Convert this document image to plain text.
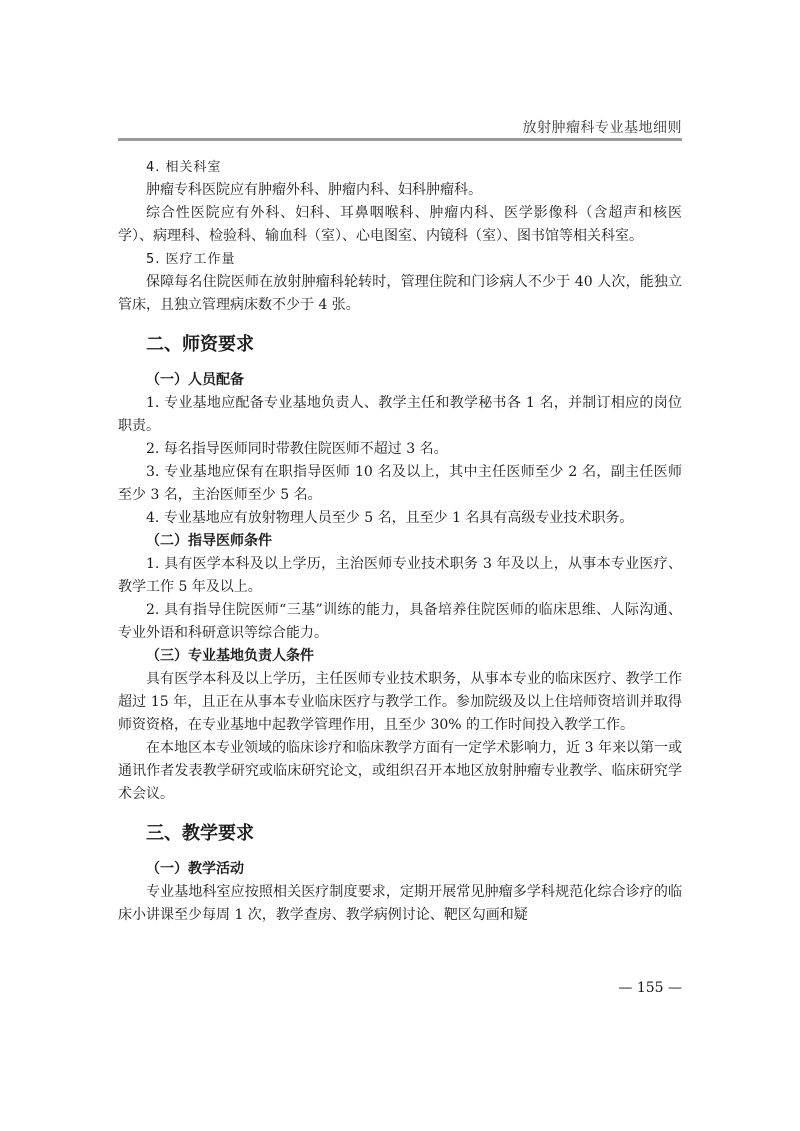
放射肿瘤科专业基地细则
4. 相关科室

肿瘤专科医院应有肿瘤外科、肿瘤内科、妇科肿瘤科。

综合性医院应有外科、妇科、耳鼻咽喉科、肿瘤内科、医学影像科（含超声和核医学）、病理科、检验科、输血科（室）、心电图室、内镜科（室）、图书馆等相关科室。

5. 医疗工作量

保障每名住院医师在放射肿瘤科轮转时，管理住院和门诊病人不少于 40 人次，能独立管床，且独立管理病床数不少于 4 张。

二、师资要求
（一）人员配备

1. 专业基地应配备专业基地负责人、教学主任和教学秘书各 1 名，并制订相应的岗位职责。

2. 每名指导医师同时带教住院医师不超过 3 名。

3. 专业基地应保有在职指导医师 10 名及以上，其中主任医师至少 2 名，副主任医师至少 3 名，主治医师至少 5 名。

4. 专业基地应有放射物理人员至少 5 名，且至少 1 名具有高级专业技术职务。

（二）指导医师条件

1. 具有医学本科及以上学历，主治医师专业技术职务 3 年及以上，从事本专业医疗、教学工作 5 年及以上。

2. 具有指导住院医师“三基”训练的能力，具备培养住院医师的临床思维、人际沟通、专业外语和科研意识等综合能力。

（三）专业基地负责人条件

具有医学本科及以上学历，主任医师专业技术职务，从事本专业的临床医疗、教学工作超过 15 年，且正在从事本专业临床医疗与教学工作。参加院级及以上住培师资培训并取得师资资格，在专业基地中起教学管理作用，且至少 30% 的工作时间投入教学工作。

在本地区本专业领域的临床诊疗和临床教学方面有一定学术影响力，近 3 年来以第一或通讯作者发表教学研究或临床研究论文，或组织召开本地区放射肿瘤专业教学、临床研究学术会议。

三、教学要求
（一）教学活动

专业基地科室应按照相关医疗制度要求，定期开展常见肿瘤多学科规范化综合诊疗的临床小讲课至少每周 1 次，教学查房、教学病例讨论、靶区勾画和疑

— 155 —
